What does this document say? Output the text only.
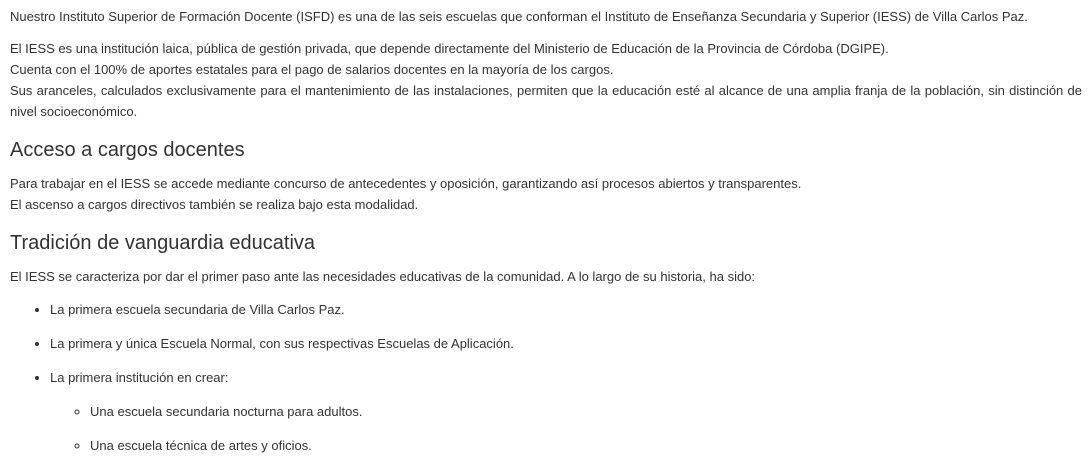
Nuestro Instituto Superior de Formación Docente (ISFD) es una de las seis escuelas que conforman el Instituto de Enseñanza Secundaria y Superior (IESS) de Villa Carlos Paz.

El IESS es una institución laica, pública de gestión privada, que depende directamente del Ministerio de Educación de la Provincia de Córdoba (DGIPE).
Cuenta con el 100% de aportes estatales para el pago de salarios docentes en la mayoría de los cargos.
Sus aranceles, calculados exclusivamente para el mantenimiento de las instalaciones, permiten que la educación esté al alcance de una amplia franja de la población, sin distinción de nivel socioeconómico.

Acceso a cargos docentes

Para trabajar en el IESS se accede mediante concurso de antecedentes y oposición, garantizando así procesos abiertos y transparentes.
El ascenso a cargos directivos también se realiza bajo esta modalidad.

Tradición de vanguardia educativa

El IESS se caracteriza por dar el primer paso ante las necesidades educativas de la comunidad. A lo largo de su historia, ha sido:

• La primera escuela secundaria de Villa Carlos Paz.
• La primera y única Escuela Normal, con sus respectivas Escuelas de Aplicación.
• La primera institución en crear:
◦ Una escuela secundaria nocturna para adultos.
◦ Una escuela técnica de artes y oficios.
